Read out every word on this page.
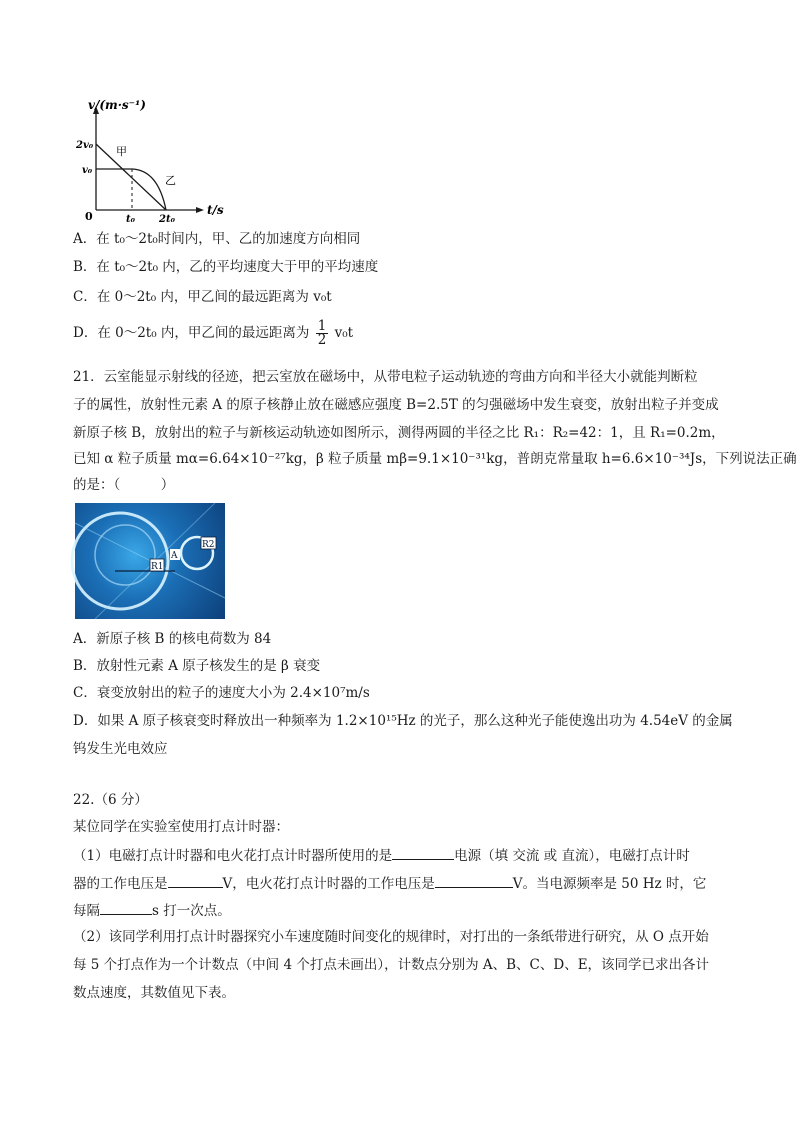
v/(m·s⁻¹)
t/s
0
2v₀
v₀
t₀ 2t₀
甲
乙
A．在 t₀～2t₀时间内，甲、乙的加速度方向相同
B．在 t₀～2t₀ 内，乙的平均速度大于甲的平均速度
C．在 0～2t₀ 内，甲乙间的最远距离为 v₀t
D．在 0～2t₀ 内，甲乙间的最远距离为 $\frac{1}{2} v_0t$
21．云室能显示射线的径迹，把云室放在磁场中，从带电粒子运动轨迹的弯曲方向和半径大小就能判断粒
子的属性，放射性元素 A 的原子核静止放在磁感应强度 B=2.5T 的匀强磁场中发生衰变，放射出粒子并变成
新原子核 B，放射出的粒子与新核运动轨迹如图所示，测得两圆的半径之比 R₁：R₂=42：1，且 R₁=0.2m，
已知 α 粒子质量 mα=6.64×10⁻²⁷kg，β 粒子质量 mβ=9.1×10⁻³¹kg，普朗克常量取 h=6.6×10⁻³⁴Js，下列说法正确
的是：（　　　）
R1
R2
A
A．新原子核 B 的核电荷数为 84
B．放射性元素 A 原子核发生的是 β 衰变
C．衰变放射出的粒子的速度大小为 2.4×10⁷m/s
D．如果 A 原子核衰变时释放出一种频率为 1.2×10¹⁵Hz 的光子，那么这种光子能使逸出功为 4.54eV 的金属
钨发生光电效应
22.（6 分）
某位同学在实验室使用打点计时器：
（1）电磁打点计时器和电火花打点计时器所使用的是	电源（填 交流 或 直流），电磁打点计时
器的工作电压是	V，电火花打点计时器的工作电压是	V。当电源频率是 50 Hz 时，它
每隔	s 打一次点。
（2）该同学利用打点计时器探究小车速度随时间变化的规律时，对打出的一条纸带进行研究，从 O 点开始
每 5 个打点作为一个计数点（中间 4 个打点未画出），计数点分别为 A、B、C、D、E，该同学已求出各计
数点速度，其数值见下表。
